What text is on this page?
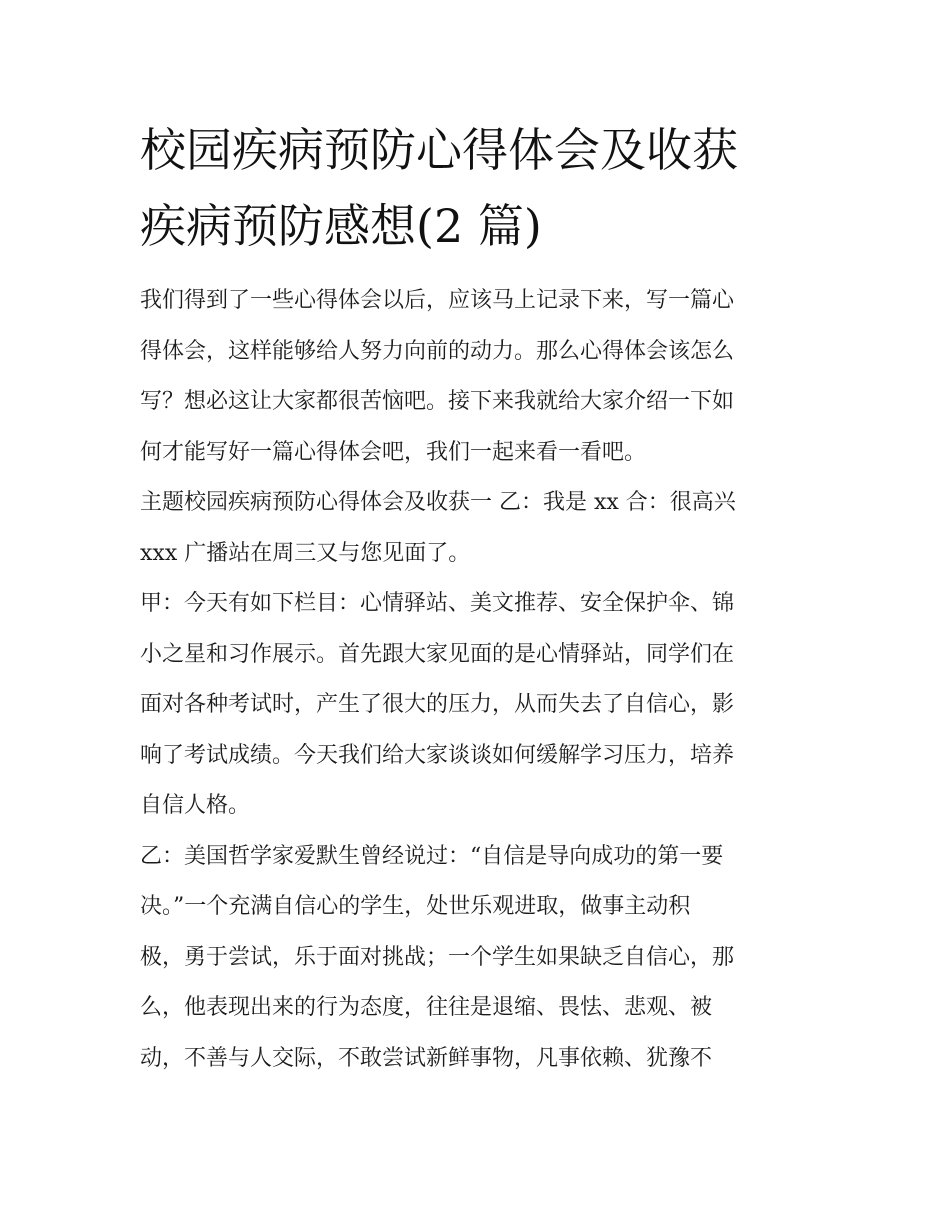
校园疾病预防心得体会及收获
疾病预防感想(2 篇)

我们得到了一些心得体会以后，应该马上记录下来，写一篇心
得体会，这样能够给人努力向前的动力。那么心得体会该怎么
写？想必这让大家都很苦恼吧。接下来我就给大家介绍一下如
何才能写好一篇心得体会吧，我们一起来看一看吧。

主题校园疾病预防心得体会及收获一 乙：我是 xx 合：很高兴
xxx 广播站在周三又与您见面了。

甲：今天有如下栏目：心情驿站、美文推荐、安全保护伞、锦
小之星和习作展示。首先跟大家见面的是心情驿站，同学们在
面对各种考试时，产生了很大的压力，从而失去了自信心，影
响了考试成绩。今天我们给大家谈谈如何缓解学习压力，培养
自信人格。

乙：美国哲学家爱默生曾经说过：“自信是导向成功的第一要
决。”一个充满自信心的学生，处世乐观进取，做事主动积
极，勇于尝试，乐于面对挑战；一个学生如果缺乏自信心，那
么，他表现出来的行为态度，往往是退缩、畏怯、悲观、被
动，不善与人交际，不敢尝试新鲜事物，凡事依赖、犹豫不
